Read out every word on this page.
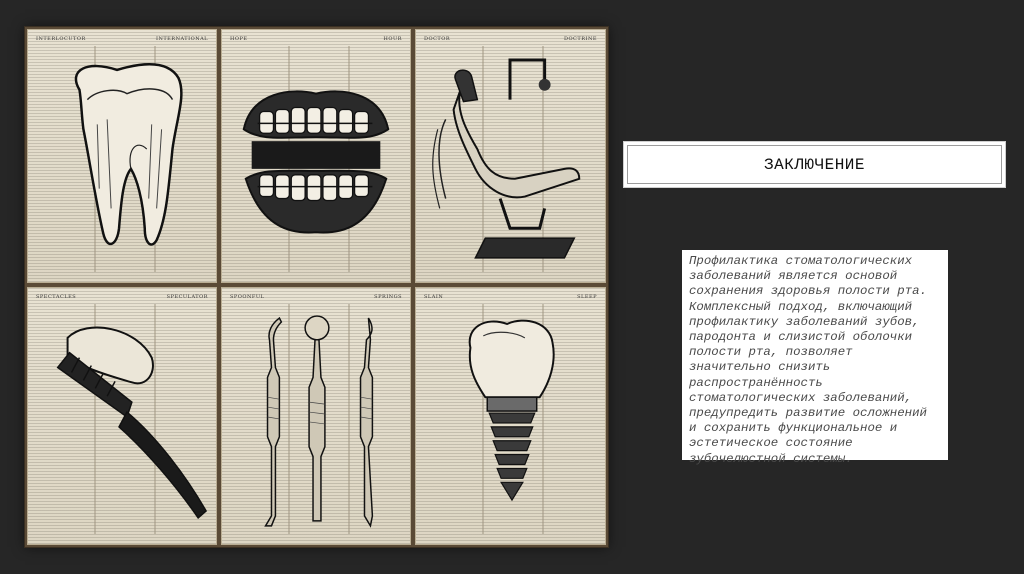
INTERLOCUTOR	INTERNATIONAL	HOPE	HOUR	DOCTOR	DOCTRINE
SPECTACLES	SPECULATOR	SPOONFUL	SPRINGS	SLAIN	SLEEP
ЗАКЛЮЧЕНИЕ

Профилактика стоматологических
заболеваний является основой
сохранения здоровья полости рта.
Комплексный подход, включающий
профилактику заболеваний зубов,
пародонта и слизистой оболочки
полости рта, позволяет
значительно снизить
распространённость
стоматологических заболеваний,
предупредить развитие осложнений
и сохранить функциональное и
эстетическое состояние
зубочелюстной системы.
